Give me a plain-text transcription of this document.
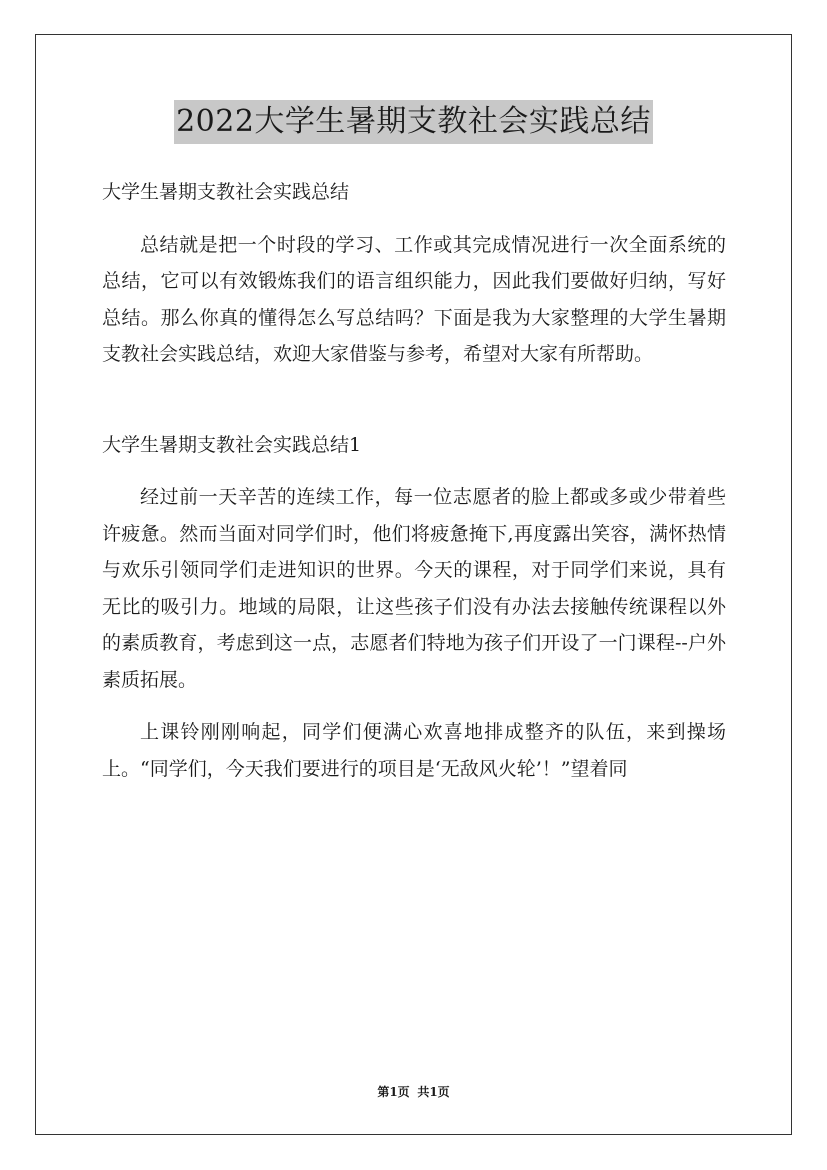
2022大学生暑期支教社会实践总结

大学生暑期支教社会实践总结

总结就是把一个时段的学习、工作或其完成情况进行一次全面系统的总结，它可以有效锻炼我们的语言组织能力，因此我们要做好归纳，写好总结。那么你真的懂得怎么写总结吗？下面是我为大家整理的大学生暑期支教社会实践总结，欢迎大家借鉴与参考，希望对大家有所帮助。

大学生暑期支教社会实践总结1

经过前一天辛苦的连续工作，每一位志愿者的脸上都或多或少带着些许疲惫。然而当面对同学们时，他们将疲惫掩下,再度露出笑容，满怀热情与欢乐引领同学们走进知识的世界。今天的课程，对于同学们来说，具有无比的吸引力。地域的局限，让这些孩子们没有办法去接触传统课程以外的素质教育，考虑到这一点，志愿者们特地为孩子们开设了一门课程--户外素质拓展。

上课铃刚刚响起，同学们便满心欢喜地排成整齐的队伍，来到操场上。“同学们，今天我们要进行的项目是‘无敌风火轮’！”望着同

第1页 共1页
